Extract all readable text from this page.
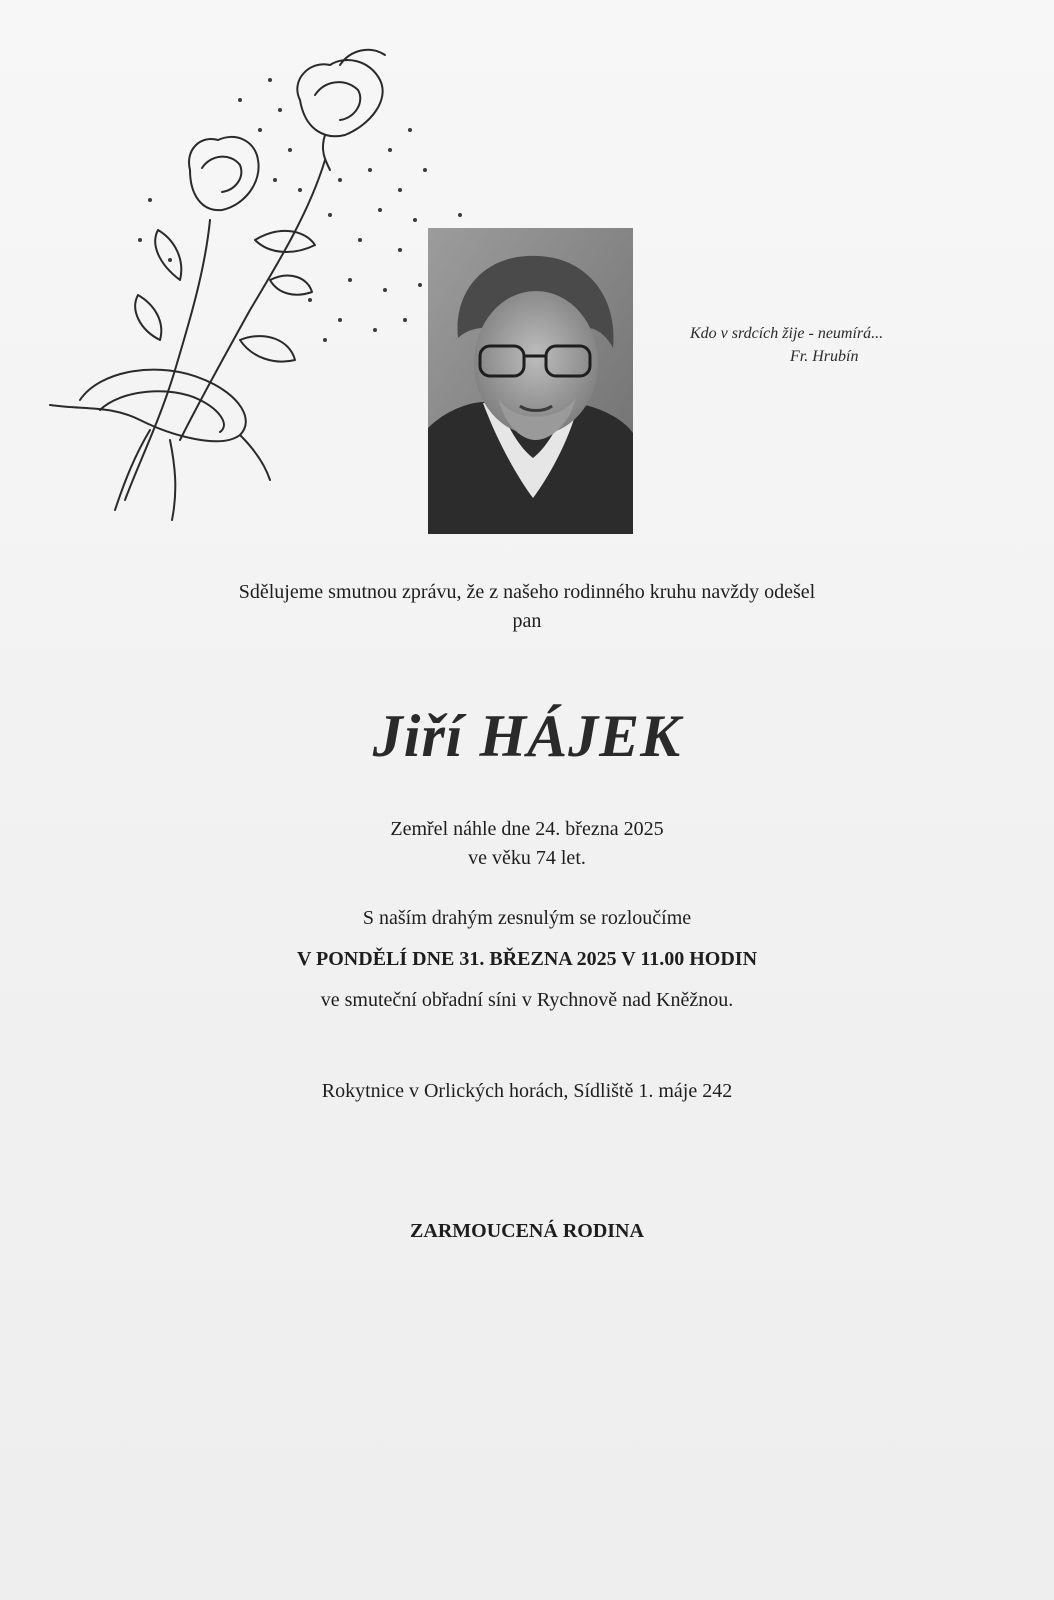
Kdo v srdcích žije - neumírá...
Fr. Hrubín
Sdělujeme smutnou zprávu, že z našeho rodinného kruhu navždy odešel
pan
Jiří HÁJEK
Zemřel náhle dne 24. března 2025
ve věku 74 let.
S naším drahým zesnulým se rozloučíme
V PONDĚLÍ DNE 31. BŘEZNA 2025 V 11.00 HODIN
ve smuteční obřadní síni v Rychnově nad Kněžnou.
Rokytnice v Orlických horách, Sídliště 1. máje 242
ZARMOUCENÁ RODINA
